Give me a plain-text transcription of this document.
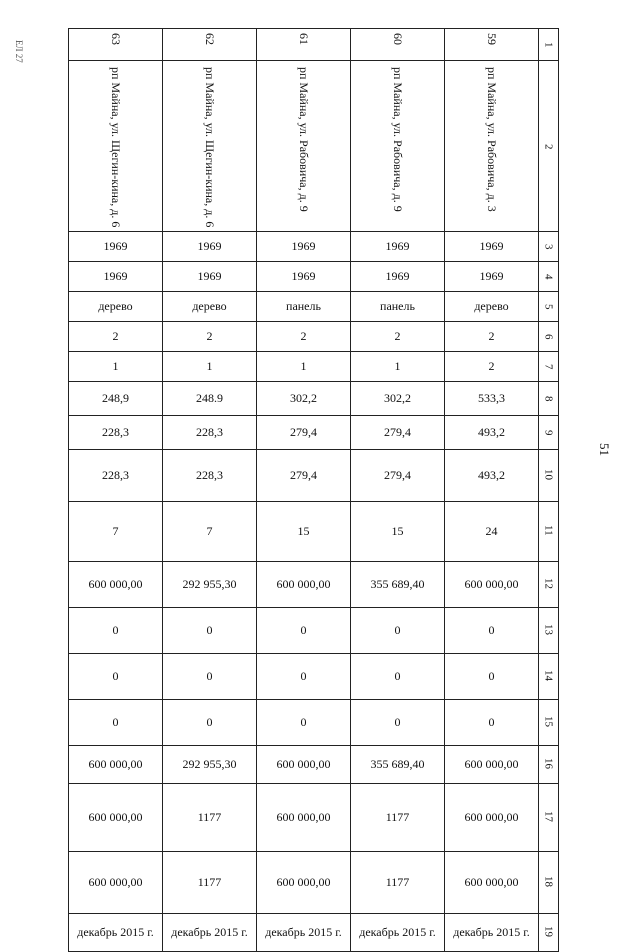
ЕЛ 27
51
63	62	61	60	59	1
рп Майна, ул. Щегин-кина, д. 6	рп Майна, ул. Щегин-кина, д. 6	рп Майна, ул. Рабовича, д. 9	рп Майна, ул. Рабовича, д. 9	рп Майна, ул. Рабовича, д. 3	2
1969	1969	1969	1969	1969	3
1969	1969	1969	1969	1969	4
дерево	дерево	панель	панель	дерево	5
2	2	2	2	2	6
1	1	1	1	2	7
248,9	248.9	302,2	302,2	533,3	8
228,3	228,3	279,4	279,4	493,2	9
228,3	228,3	279,4	279,4	493,2	10
7	7	15	15	24	11
600 000,00	292 955,30	600 000,00	355 689,40	600 000,00	12
0	0	0	0	0	13
0	0	0	0	0	14
0	0	0	0	0	15
600 000,00	292 955,30	600 000,00	355 689,40	600 000,00	16
600 000,00	1177	600 000,00	1177	600 000,00	17
600 000,00	1177	600 000,00	1177	600 000,00	18
декабрь 2015 г.	декабрь 2015 г.	декабрь 2015 г.	декабрь 2015 г.	декабрь 2015 г.	19
